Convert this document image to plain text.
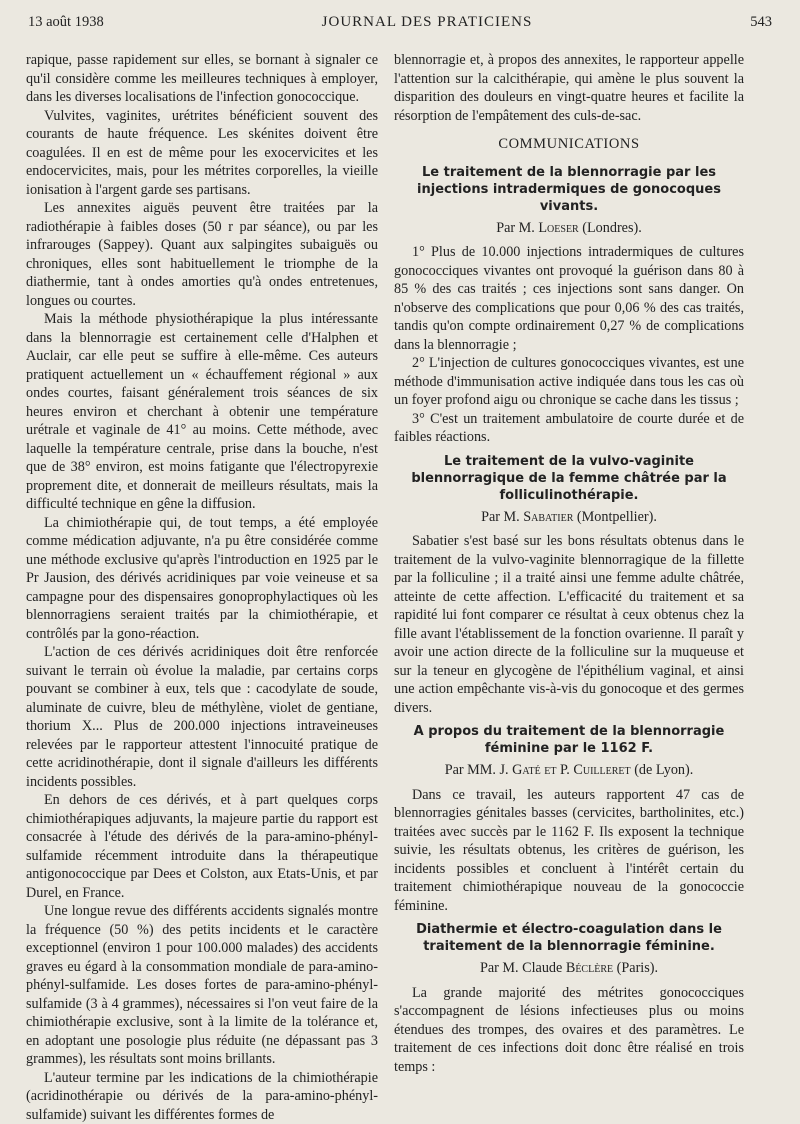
13 août 1938	JOURNAL DES PRATICIENS	543

rapique, passe rapidement sur elles, se bornant à signaler ce qu'il considère comme les meilleures techniques à employer, dans les diverses localisations de l'infection gonococcique.

Vulvites, vaginites, urétrites bénéficient souvent des courants de haute fréquence. Les skénites doivent être coagulées. Il en est de même pour les exocervicites et les endocervicites, mais, pour les métrites corporelles, la vieille ionisation à l'argent garde ses partisans.

Les annexites aiguës peuvent être traitées par la radiothérapie à faibles doses (50 r par séance), ou par les infrarouges (Sappey). Quant aux salpingites subaiguës ou chroniques, elles sont habituellement le triomphe de la diathermie, tant à ondes amorties qu'à ondes entretenues, longues ou courtes.

Mais la méthode physiothérapique la plus intéressante dans la blennorragie est certainement celle d'Halphen et Auclair, car elle peut se suffire à elle-même. Ces auteurs pratiquent actuellement un « échauffement régional » aux ondes courtes, faisant généralement trois séances de six heures environ et cherchant à obtenir une température urétrale et vaginale de 41° au moins. Cette méthode, avec laquelle la température centrale, prise dans la bouche, n'est que de 38° environ, est moins fatigante que l'électropyrexie proprement dite, et donnerait de meilleurs résultats, mais la difficulté technique en gêne la diffusion.

La chimiothérapie qui, de tout temps, a été employée comme médication adjuvante, n'a pu être considérée comme une méthode exclusive qu'après l'introduction en 1925 par le Pr Jausion, des dérivés acridiniques par voie veineuse et sa campagne pour des dispensaires gonoprophylactiques où les blennorragiens seraient traités par la chimiothérapie, et contrôlés par la gono-réaction.

L'action de ces dérivés acridiniques doit être renforcée suivant le terrain où évolue la maladie, par certains corps pouvant se combiner à eux, tels que : cacodylate de soude, aluminate de cuivre, bleu de méthylène, violet de gentiane, thorium X... Plus de 200.000 injections intraveineuses relevées par le rapporteur attestent l'innocuité pratique de cette acridinothérapie, dont il signale d'ailleurs les différents incidents possibles.

En dehors de ces dérivés, et à part quelques corps chimiothérapiques adjuvants, la majeure partie du rapport est consacrée à l'étude des dérivés de la para-amino-phényl-sulfamide récemment introduite dans la thérapeutique antigonococcique par Dees et Colston, aux Etats-Unis, et par Durel, en France.

Une longue revue des différents accidents signalés montre la fréquence (50 %) des petits incidents et le caractère exceptionnel (environ 1 pour 100.000 malades) des accidents graves eu égard à la consommation mondiale de para-amino-phényl-sulfamide. Les doses fortes de para-amino-phényl-sulfamide (3 à 4 grammes), nécessaires si l'on veut faire de la chimiothérapie exclusive, sont à la limite de la tolérance et, en adoptant une posologie plus réduite (ne dépassant pas 3 grammes), les résultats sont moins brillants.

L'auteur termine par les indications de la chimiothérapie (acridinothérapie ou dérivés de la para-amino-phényl-sulfamide) suivant les différentes formes de

blennorragie et, à propos des annexites, le rapporteur appelle l'attention sur la calcithérapie, qui amène le plus souvent la disparition des douleurs en vingt-quatre heures et facilite la résorption de l'empâtement des culs-de-sac.

COMMUNICATIONS
Le traitement de la blennorragie par les injections intradermiques de gonocoques vivants.
Par M. Loeser (Londres).

1° Plus de 10.000 injections intradermiques de cultures gonococciques vivantes ont provoqué la guérison dans 80 à 85 % des cas traités ; ces injections sont sans danger. On n'observe des complications que pour 0,06 % des cas traités, tandis qu'on compte ordinairement 0,27 % de complications dans la blennorragie ;

2° L'injection de cultures gonococciques vivantes, est une méthode d'immunisation active indiquée dans tous les cas où un foyer profond aigu ou chronique se cache dans les tissus ;

3° C'est un traitement ambulatoire de courte durée et de faibles réactions.

Le traitement de la vulvo-vaginite blennorragique de la femme châtrée par la folliculinothérapie.
Par M. Sabatier (Montpellier).

Sabatier s'est basé sur les bons résultats obtenus dans le traitement de la vulvo-vaginite blennorragique de la fillette par la folliculine ; il a traité ainsi une femme adulte châtrée, atteinte de cette affection. L'efficacité du traitement et sa rapidité lui font comparer ce résultat à ceux obtenus chez la fille avant l'établissement de la fonction ovarienne. Il paraît y avoir une action directe de la folliculine sur la muqueuse et sur la teneur en glycogène de l'épithélium vaginal, et ainsi une action empêchante vis-à-vis du gonocoque et des germes divers.

A propos du traitement de la blennorragie féminine par le 1162 F.
Par MM. J. Gaté et P. Cuilleret (de Lyon).

Dans ce travail, les auteurs rapportent 47 cas de blennorragies génitales basses (cervicites, bartholinites, etc.) traitées avec succès par le 1162 F. Ils exposent la technique suivie, les résultats obtenus, les critères de guérison, les incidents possibles et concluent à l'intérêt certain du traitement chimiothérapique nouveau de la gonococcie féminine.

Diathermie et électro-coagulation dans le traitement de la blennorragie féminine.
Par M. Claude Béclère (Paris).

La grande majorité des métrites gonococciques s'accompagnent de lésions infectieuses plus ou moins étendues des trompes, des ovaires et des paramètres. Le traitement de ces infections doit donc être réalisé en trois temps :
